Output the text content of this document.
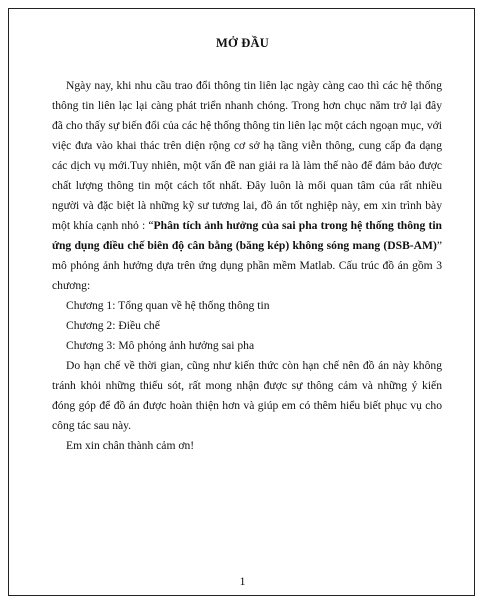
MỞ ĐẦU

Ngày nay, khi nhu cầu trao đổi thông tin liên lạc ngày càng cao thì các hệ thống thông tin liên lạc lại càng phát triển nhanh chóng. Trong hơn chục năm trở lại đây đã cho thấy sự biến đổi của các hệ thống thông tin liên lạc một cách ngoạn mục, với việc đưa vào khai thác trên diện rộng cơ sở hạ tầng viễn thông, cung cấp đa dạng các dịch vụ mới.Tuy nhiên, một vấn đề nan giải ra là làm thế nào để đảm bảo được chất lượng thông tin một cách tốt nhất. Đây luôn là mối quan tâm của rất nhiều người và đặc biệt là những kỹ sư tương lai, đồ án tốt nghiệp này, em xin trình bày một khía cạnh nhỏ : “Phân tích ảnh hưởng của sai pha trong hệ thống thông tin ứng dụng điều chế biên độ cân bằng (băng kép) không sóng mang (DSB-AM)” mô phỏng ảnh hưởng dựa trên ứng dụng phần mềm Matlab. Cấu trúc đồ án gồm 3 chương:

Chương 1: Tổng quan về hệ thống thông tin

Chương 2: Điều chế

Chương 3: Mô phỏng ảnh hưởng sai pha

Do hạn chế về thời gian, cũng như kiến thức còn hạn chế nên đồ án này không tránh khỏi những thiếu sót, rất mong nhận được sự thông cảm và những ý kiến đóng góp để đồ án được hoàn thiện hơn và giúp em có thêm hiểu biết phục vụ cho công tác sau này.

Em xin chân thành cảm ơn!

1
